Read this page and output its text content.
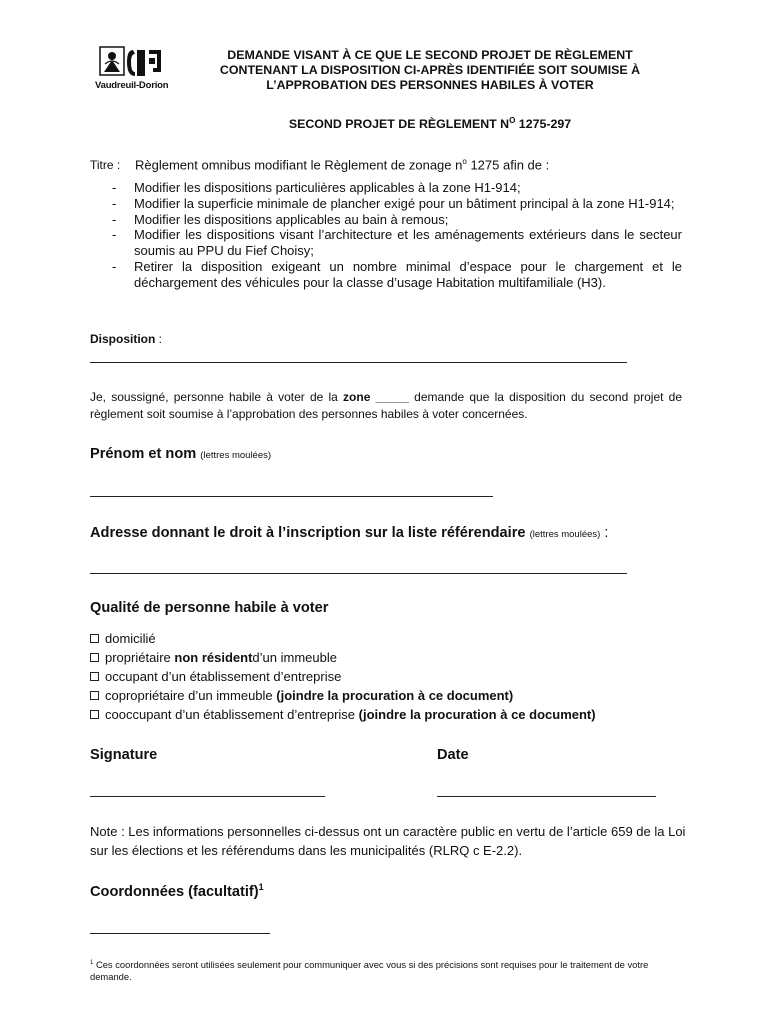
Vaudreuil-Dorion
DEMANDE VISANT À CE QUE LE SECOND PROJET DE RÈGLEMENT
CONTENANT LA DISPOSITION CI-APRÈS IDENTIFIÉE SOIT SOUMISE À
L’APPROBATION DES PERSONNES HABILES À VOTER
SECOND PROJET DE RÈGLEMENT $N^O$ 1275-297
Titre : Règlement omnibus modifiant le Règlement de zonage $n^o$ 1275 afin de :
- Modifier les dispositions particulières applicables à la zone H1-914;
- Modifier la superficie minimale de plancher exigé pour un bâtiment principal à la zone H1-914;
- Modifier les dispositions applicables au bain à remous;
- Modifier les dispositions visant l’architecture et les aménagements extérieurs dans le secteur soumis au PPU du Fief Choisy;
- Retirer la disposition exigeant un nombre minimal d’espace pour le chargement et le déchargement des véhicules pour la classe d’usage Habitation multifamiliale (H3).
Disposition :
Je, soussigné, personne habile à voter de la zone _____ demande que la disposition du second projet de règlement soit soumise à l’approbation des personnes habiles à voter concernées.
Prénom et nom (lettres moulées)
Adresse donnant le droit à l’inscription sur la liste référendaire (lettres moulées) :
Qualité de personne habile à voter
domicilié
propriétaire
non résident d’un immeuble
occupant d’un établissement d’entreprise
copropriétaire d’un immeuble
(joindre la procuration à ce document)
cooccupant d’un établissement d’entreprise
(joindre la procuration à ce document)
Signature	Date
Note : Les informations personnelles ci-dessus ont un caractère public en vertu de l’article 659 de la Loi sur les élections et les référendums dans les municipalités (RLRQ c E-2.2).
Coordonnées (facultatif)$^1$
$^1$ Ces coordonnées seront utilisées seulement pour communiquer avec vous si des précisions sont requises pour le traitement de votre demande.
